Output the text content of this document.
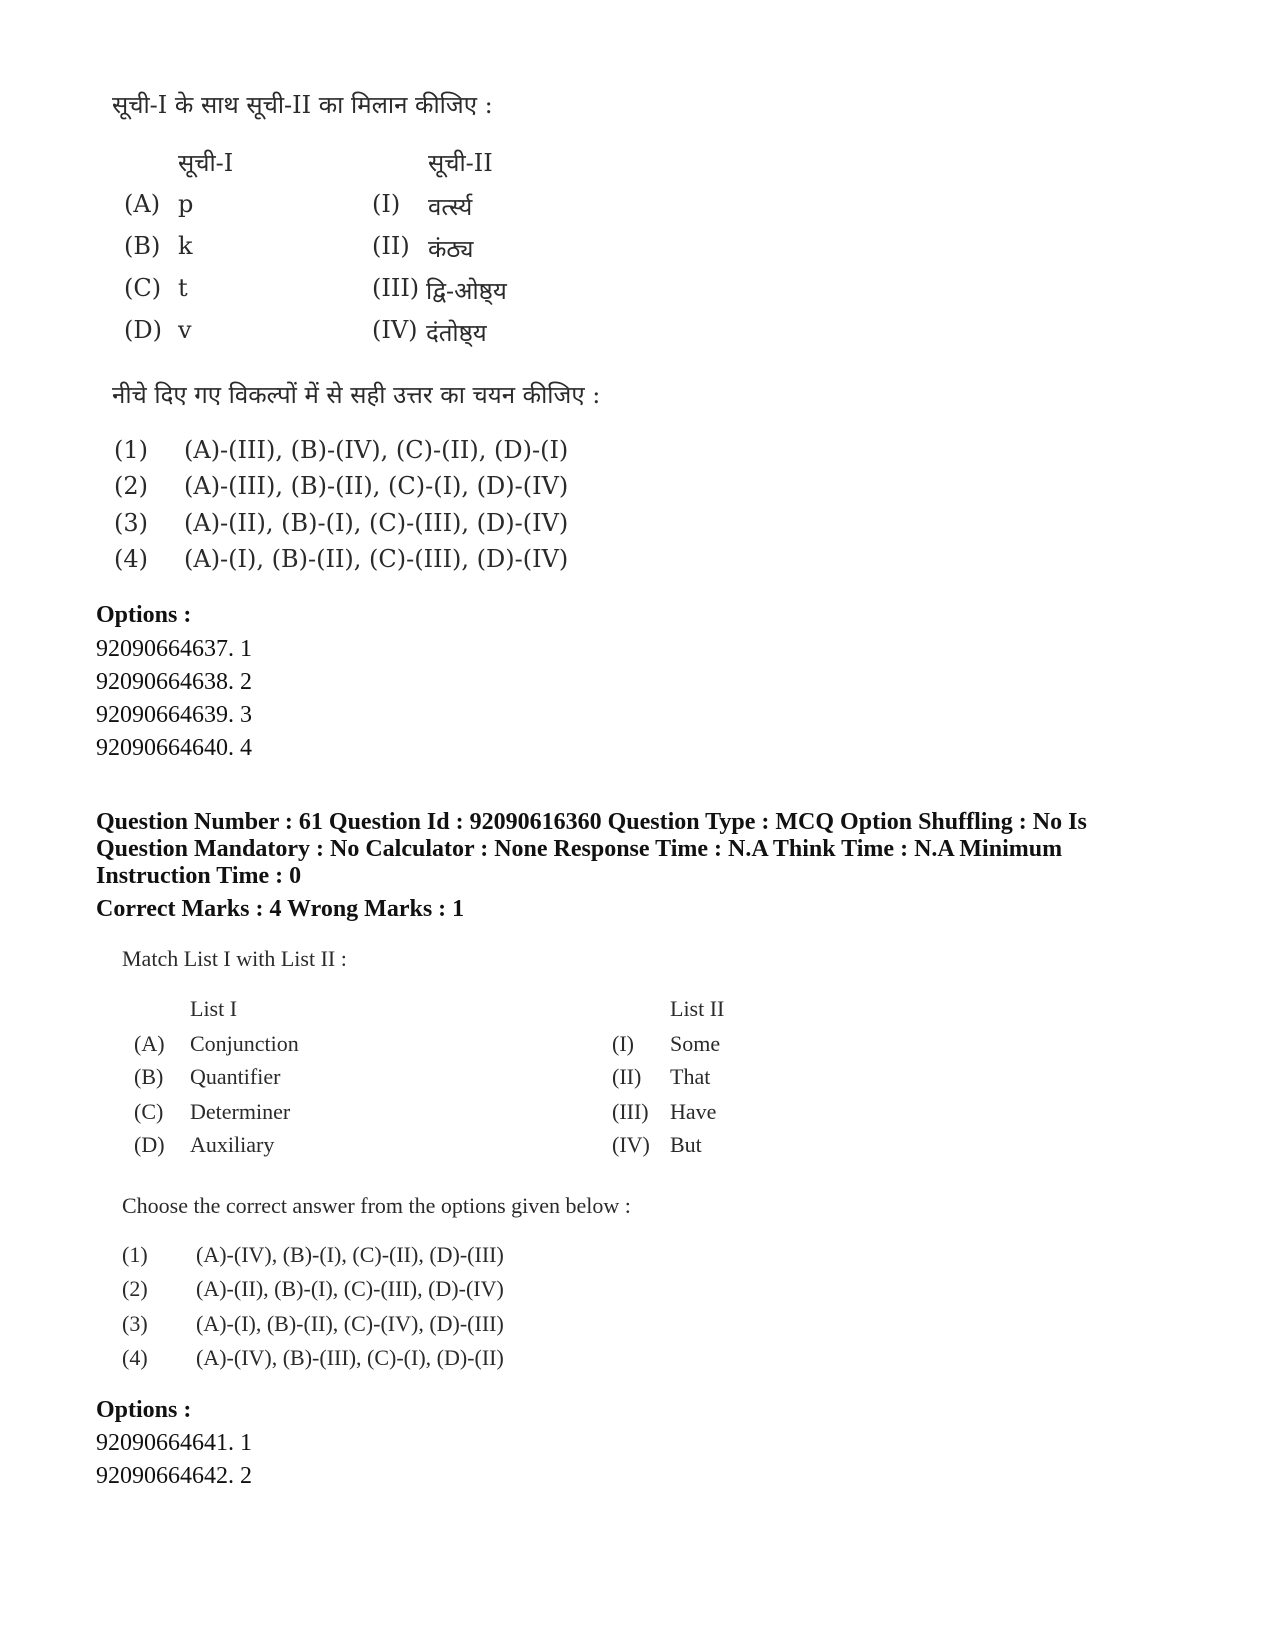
सूची-I के साथ सूची-II का मिलान कीजिए :
सूची-I	सूची-II
(A) p	(I) वर्त्स्य
(B) k	(II) कंठ्य
(C) t	(III) द्वि-ओष्ठ्य
(D) v	(IV) दंतोष्ठ्य
नीचे दिए गए विकल्पों में से सही उत्तर का चयन कीजिए :
(1) (A)-(III), (B)-(IV), (C)-(II), (D)-(I)
(2) (A)-(III), (B)-(II), (C)-(I), (D)-(IV)
(3) (A)-(II), (B)-(I), (C)-(III), (D)-(IV)
(4) (A)-(I), (B)-(II), (C)-(III), (D)-(IV)
Options :
92090664637. 1
92090664638. 2
92090664639. 3
92090664640. 4
Question Number : 61 Question Id : 92090616360 Question Type : MCQ Option Shuffling : No Is
Question Mandatory : No Calculator : None Response Time : N.A Think Time : N.A Minimum
Instruction Time : 0
Correct Marks : 4 Wrong Marks : 1
Match List I with List II :
List I	List II
(A) Conjunction	(I) Some
(B) Quantifier	(II) That
(C) Determiner	(III) Have
(D) Auxiliary	(IV) But
Choose the correct answer from the options given below :
(1) (A)-(IV), (B)-(I), (C)-(II), (D)-(III)
(2) (A)-(II), (B)-(I), (C)-(III), (D)-(IV)
(3) (A)-(I), (B)-(II), (C)-(IV), (D)-(III)
(4) (A)-(IV), (B)-(III), (C)-(I), (D)-(II)
Options :
92090664641. 1
92090664642. 2
